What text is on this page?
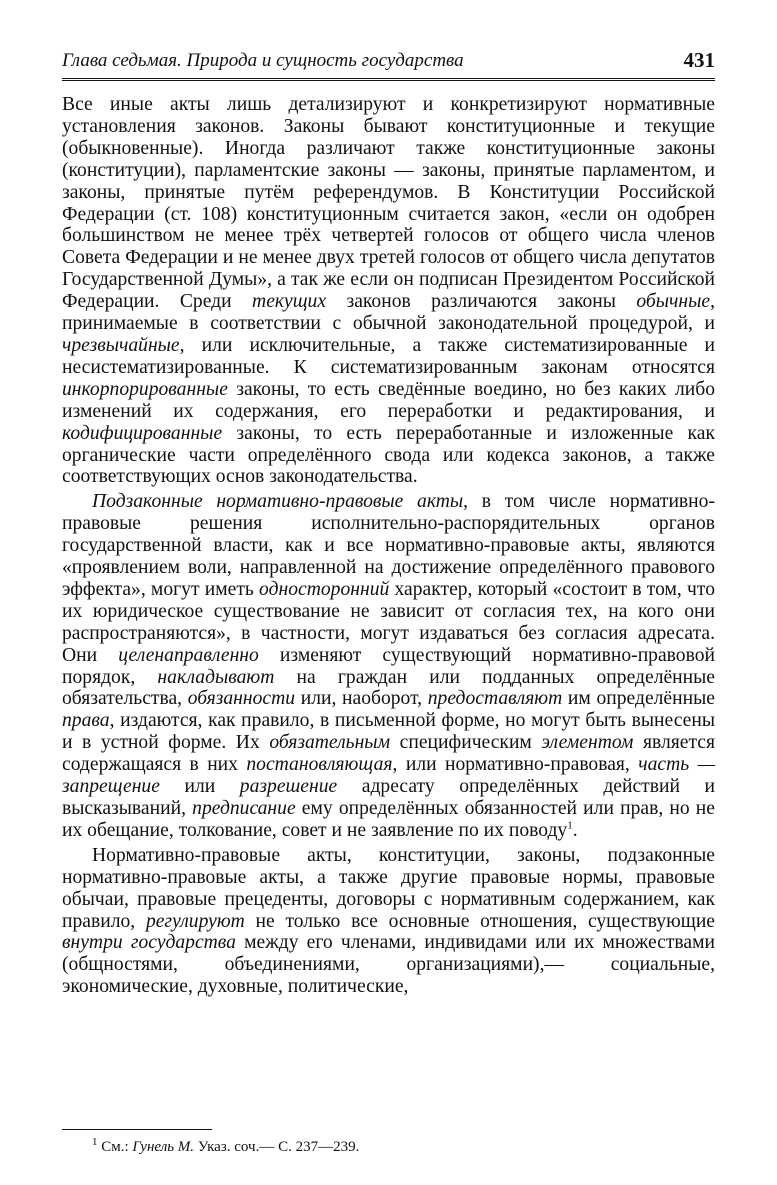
Глава седьмая. Природа и сущность государства	431

Все иные акты лишь детализируют и конкретизируют нормативные установления законов. Законы бывают конституционные и текущие (обыкновенные). Иногда различают также конституционные законы (конституции), парламентские законы — законы, принятые парламентом, и законы, принятые путём референдумов. В Конституции Российской Федерации (ст. 108) конституционным считается закон, «если он одобрен большинством не менее трёх четвертей голосов от общего числа членов Совета Федерации и не менее двух третей голосов от общего числа депутатов Государственной Думы», а так же если он подписан Президентом Российской Федерации. Среди текущих законов различаются законы обычные, принимаемые в соответствии с обычной законодательной процедурой, и чрезвычайные, или исключительные, а также систематизированные и несистематизированные. К систематизированным законам относятся инкорпорированные законы, то есть сведённые воедино, но без каких либо изменений их содержания, его переработки и редактирования, и кодифицированные законы, то есть переработанные и изложенные как органические части определённого свода или кодекса законов, а также соответствующих основ законодательства.

Подзаконные нормативно-правовые акты, в том числе нормативно-правовые решения исполнительно-распорядительных органов государственной власти, как и все нормативно-правовые акты, являются «проявлением воли, направленной на достижение определённого правового эффекта», могут иметь односторонний характер, который «состоит в том, что их юридическое существование не зависит от согласия тех, на кого они распространяются», в частности, могут издаваться без согласия адресата. Они целенаправленно изменяют существующий нормативно-правовой порядок, накладывают на граждан или подданных определённые обязательства, обязанности или, наоборот, предоставляют им определённые права, издаются, как правило, в письменной форме, но могут быть вынесены и в устной форме. Их обязательным специфическим элементом является содержащаяся в них постановляющая, или нормативно-правовая, часть — запрещение или разрешение адресату определённых действий и высказываний, предписание ему определённых обязанностей или прав, но не их обещание, толкование, совет и не заявление по их поводу$^1$.

Нормативно-правовые акты, конституции, законы, подзаконные нормативно-правовые акты, а также другие правовые нормы, правовые обычаи, правовые прецеденты, договоры с нормативным содержанием, как правило, регулируют не только все основные отношения, существующие внутри государства между его членами, индивидами или их множествами (общностями, объединениями, организациями),— социальные, экономические, духовные, политические,

$^1$ См.: Гунель М. Указ. соч.— С. 237—239.
